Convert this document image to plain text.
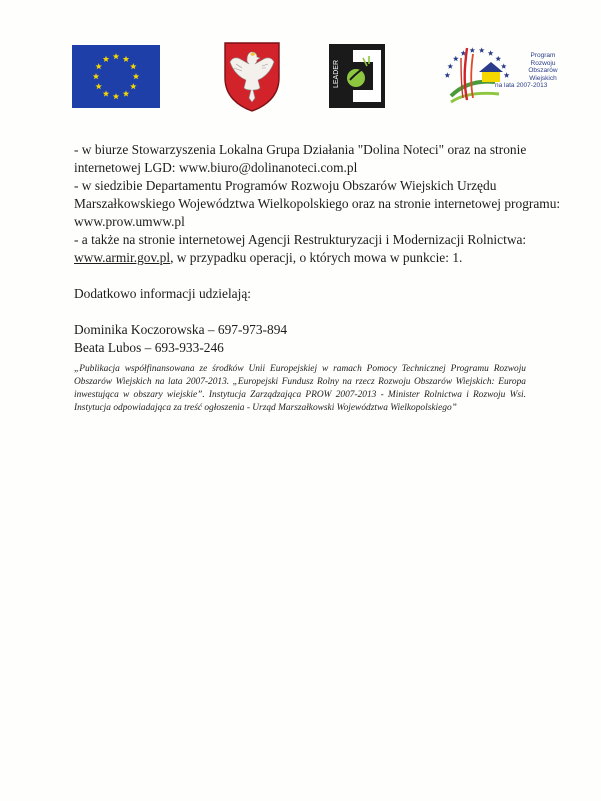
LEADER
Program
Rozwoju
Obszarów
Wiejskich
na lata 2007-2013

- w biurze Stowarzyszenia Lokalna Grupa Działania "Dolina Noteci" oraz na stronie

internetowej LGD: www.biuro@dolinanoteci.com.pl

- w siedzibie Departamentu Programów Rozwoju Obszarów Wiejskich Urzędu

Marszałkowskiego Województwa Wielkopolskiego oraz na stronie internetowej programu:

www.prow.umww.pl

- a także na stronie internetowej Agencji Restrukturyzacji i Modernizacji Rolnictwa:

www.armir.gov.pl, w przypadku operacji, o których mowa w punkcie: 1.

Dodatkowo informacji udzielają:

Dominika Koczorowska – 697-973-894

Beata Lubos – 693-933-246

„Publikacja współfinansowana ze środków Unii Europejskiej w ramach Pomocy Technicznej Programu Rozwoju Obszarów Wiejskich na lata 2007-2013. „Europejski Fundusz Rolny na rzecz Rozwoju Obszarów Wiejskich: Europa inwestująca w obszary wiejskie”. Instytucja Zarządzająca PROW 2007-2013 - Minister Rolnictwa i Rozwoju Wsi. Instytucja odpowiadająca za treść ogłoszenia - Urząd Marszałkowski Województwa Wielkopolskiego”
